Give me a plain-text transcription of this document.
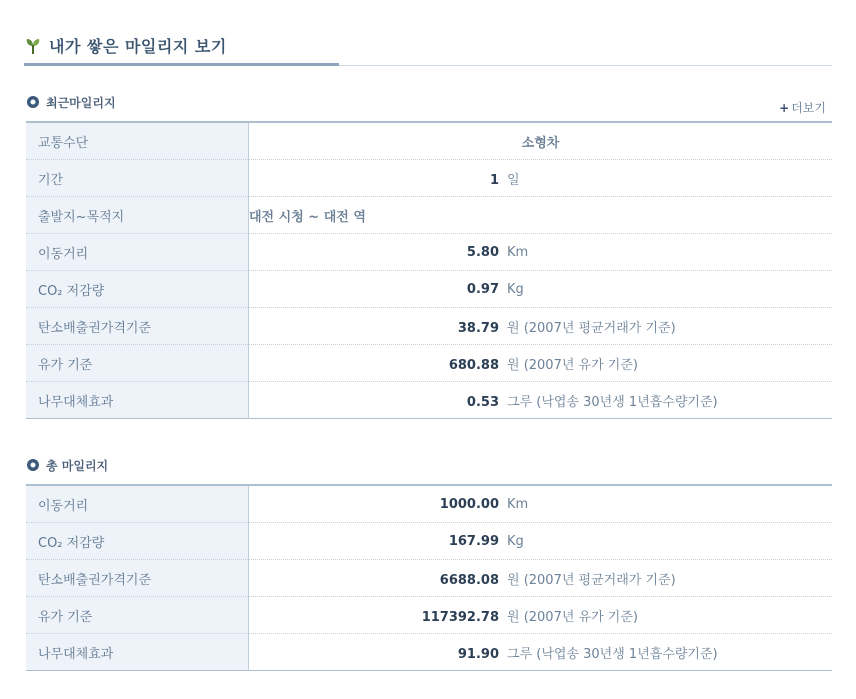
내가 쌓은 마일리지 보기
최근마일리지	+ 더보기
교통수단	소형차
기간	1 일
출발지~목적지	대전 시청 ~ 대전 역
이동거리	5.80 Km
CO₂ 저감량	0.97 Kg
탄소배출권가격기준	38.79 원 (2007년 평균거래가 기준)
유가 기준	680.88 원 (2007년 유가 기준)
나무대체효과	0.53 그루 (낙엽송 30년생 1년흡수량기준)
총 마일리지
이동거리	1000.00 Km
CO₂ 저감량	167.99 Kg
탄소배출권가격기준	6688.08 원 (2007년 평균거래가 기준)
유가 기준	117392.78 원 (2007년 유가 기준)
나무대체효과	91.90 그루 (낙엽송 30년생 1년흡수량기준)
